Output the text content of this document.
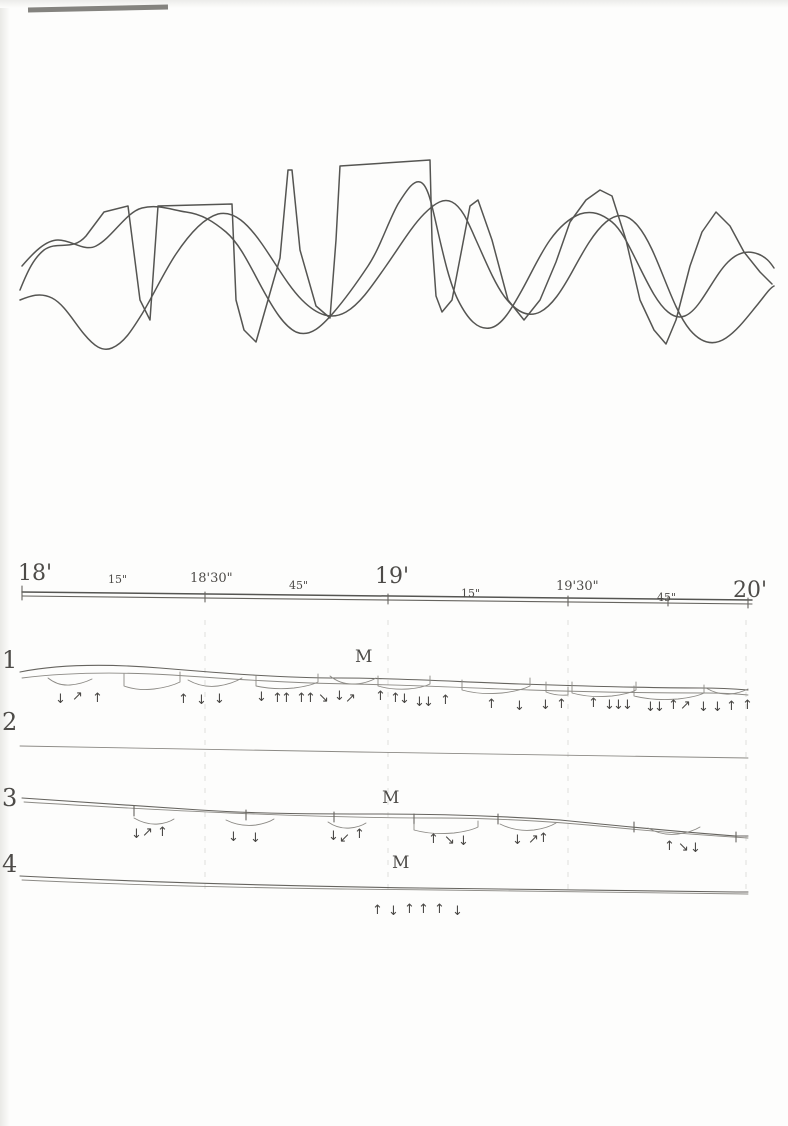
18'	15"	18'30"	45"	19'
15"	19'30"
45"	20'
1
2
3
4
M
↓ ↗ ↑	↑ ↓ ↓ ↓ ↑
↑ ↑
↑ ↘ ↓ ↗ ↑ ↑
↓ ↓
↓ ↑	↑ ↓ ↓ ↑ ↑ ↓
↓
↓ ↓
↓ ↑ ↗ ↓ ↓ ↑ ↑
M
↓ ↗ ↑	↓ ↓	↓ ↙ ↑	↑ ↘ ↓	↓ ↗ ↑
↑ ↘ ↓
M
↑ ↓ ↑ ↑ ↑ ↓
